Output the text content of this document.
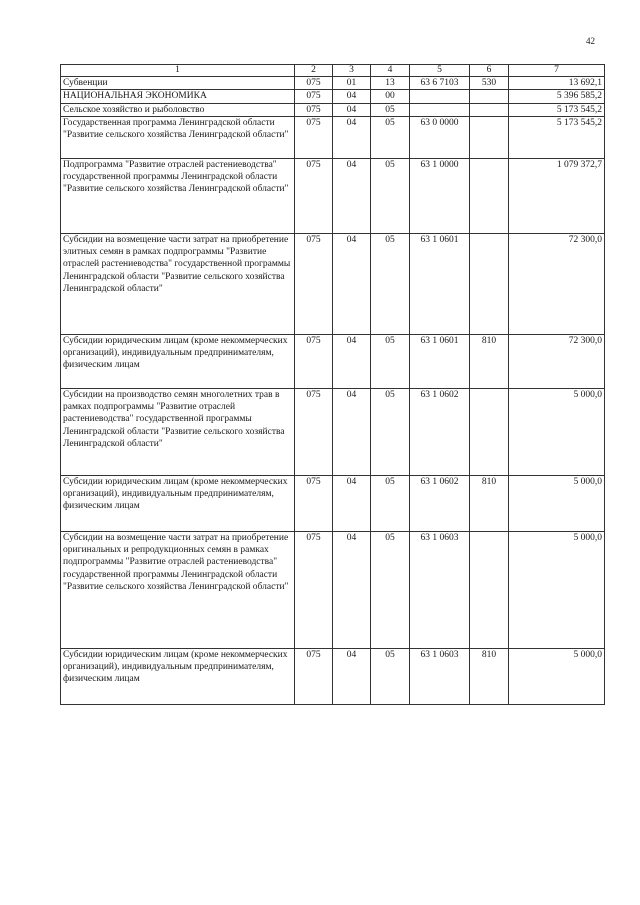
42
1	2	3	4	5	6	7
Субвенции	075	01	13	63 6 7103	530	13 692,1
НАЦИОНАЛЬНАЯ ЭКОНОМИКА	075	04	00			5 396 585,2
Сельское хозяйство и рыболовство	075	04	05			5 173 545,2
Государственная программа Ленинградской области "Развитие сельского хозяйства Ленинградской области"	075	04	05	63 0 0000		5 173 545,2
Подпрограмма "Развитие отраслей растениеводства" государственной программы Ленинградской области "Развитие сельского хозяйства Ленинградской области"	075	04	05	63 1 0000		1 079 372,7
Субсидии на возмещение части затрат на приобретение элитных семян в рамках подпрограммы "Развитие отраслей растениеводства" государственной программы Ленинградской области "Развитие сельского хозяйства Ленинградской области"	075	04	05	63 1 0601		72 300,0
Субсидии юридическим лицам (кроме некоммерческих организаций), индивидуальным предпринимателям, физическим лицам	075	04	05	63 1 0601	810	72 300,0
Субсидии на производство семян многолетних трав в рамках подпрограммы "Развитие отраслей растениеводства" государственной программы Ленинградской области "Развитие сельского хозяйства Ленинградской области"	075	04	05	63 1 0602		5 000,0
Субсидии юридическим лицам (кроме некоммерческих организаций), индивидуальным предпринимателям, физическим лицам	075	04	05	63 1 0602	810	5 000,0
Субсидии на возмещение части затрат на приобретение оригинальных и репродукционных семян в рамках подпрограммы "Развитие отраслей растениеводства" государственной программы Ленинградской области "Развитие сельского хозяйства Ленинградской области"	075	04	05	63 1 0603		5 000,0
Субсидии юридическим лицам (кроме некоммерческих организаций), индивидуальным предпринимателям, физическим лицам	075	04	05	63 1 0603	810	5 000,0
